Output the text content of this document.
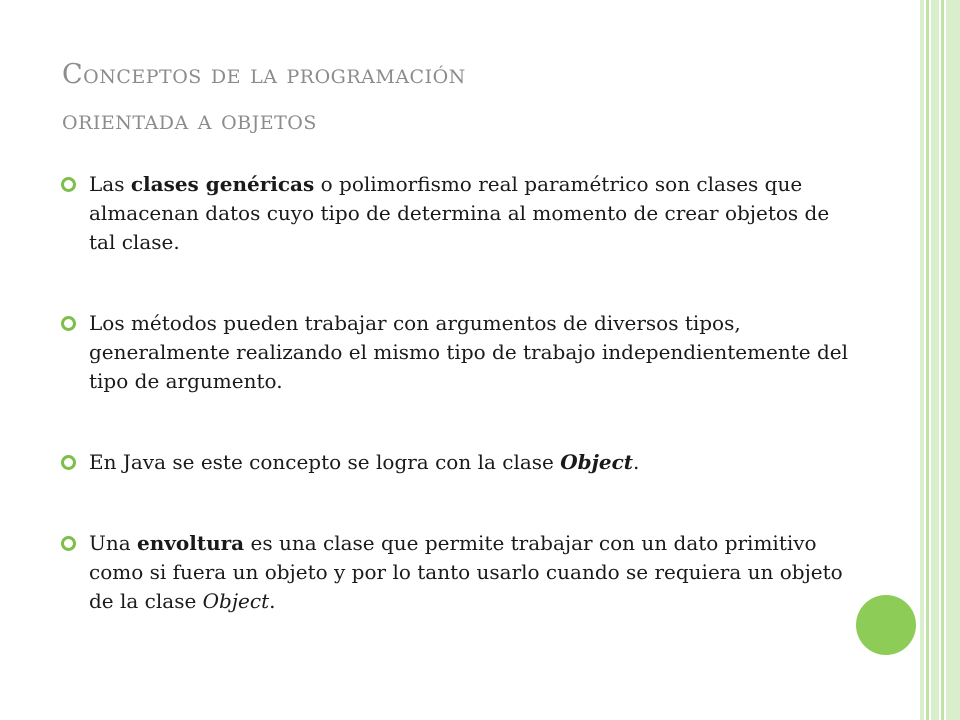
Conceptos de la programación
orientada a objetos
Las clases genéricas o polimorfismo real paramétrico son clases que almacenan datos cuyo tipo de determina al momento de crear objetos de tal clase.
Los métodos pueden trabajar con argumentos de diversos tipos, generalmente realizando el mismo tipo de trabajo independientemente del tipo de argumento.
En Java se este concepto se logra con la clase Object.
Una envoltura es una clase que permite trabajar con un dato primitivo como si fuera un objeto y por lo tanto usarlo cuando se requiera un objeto de la clase Object.
